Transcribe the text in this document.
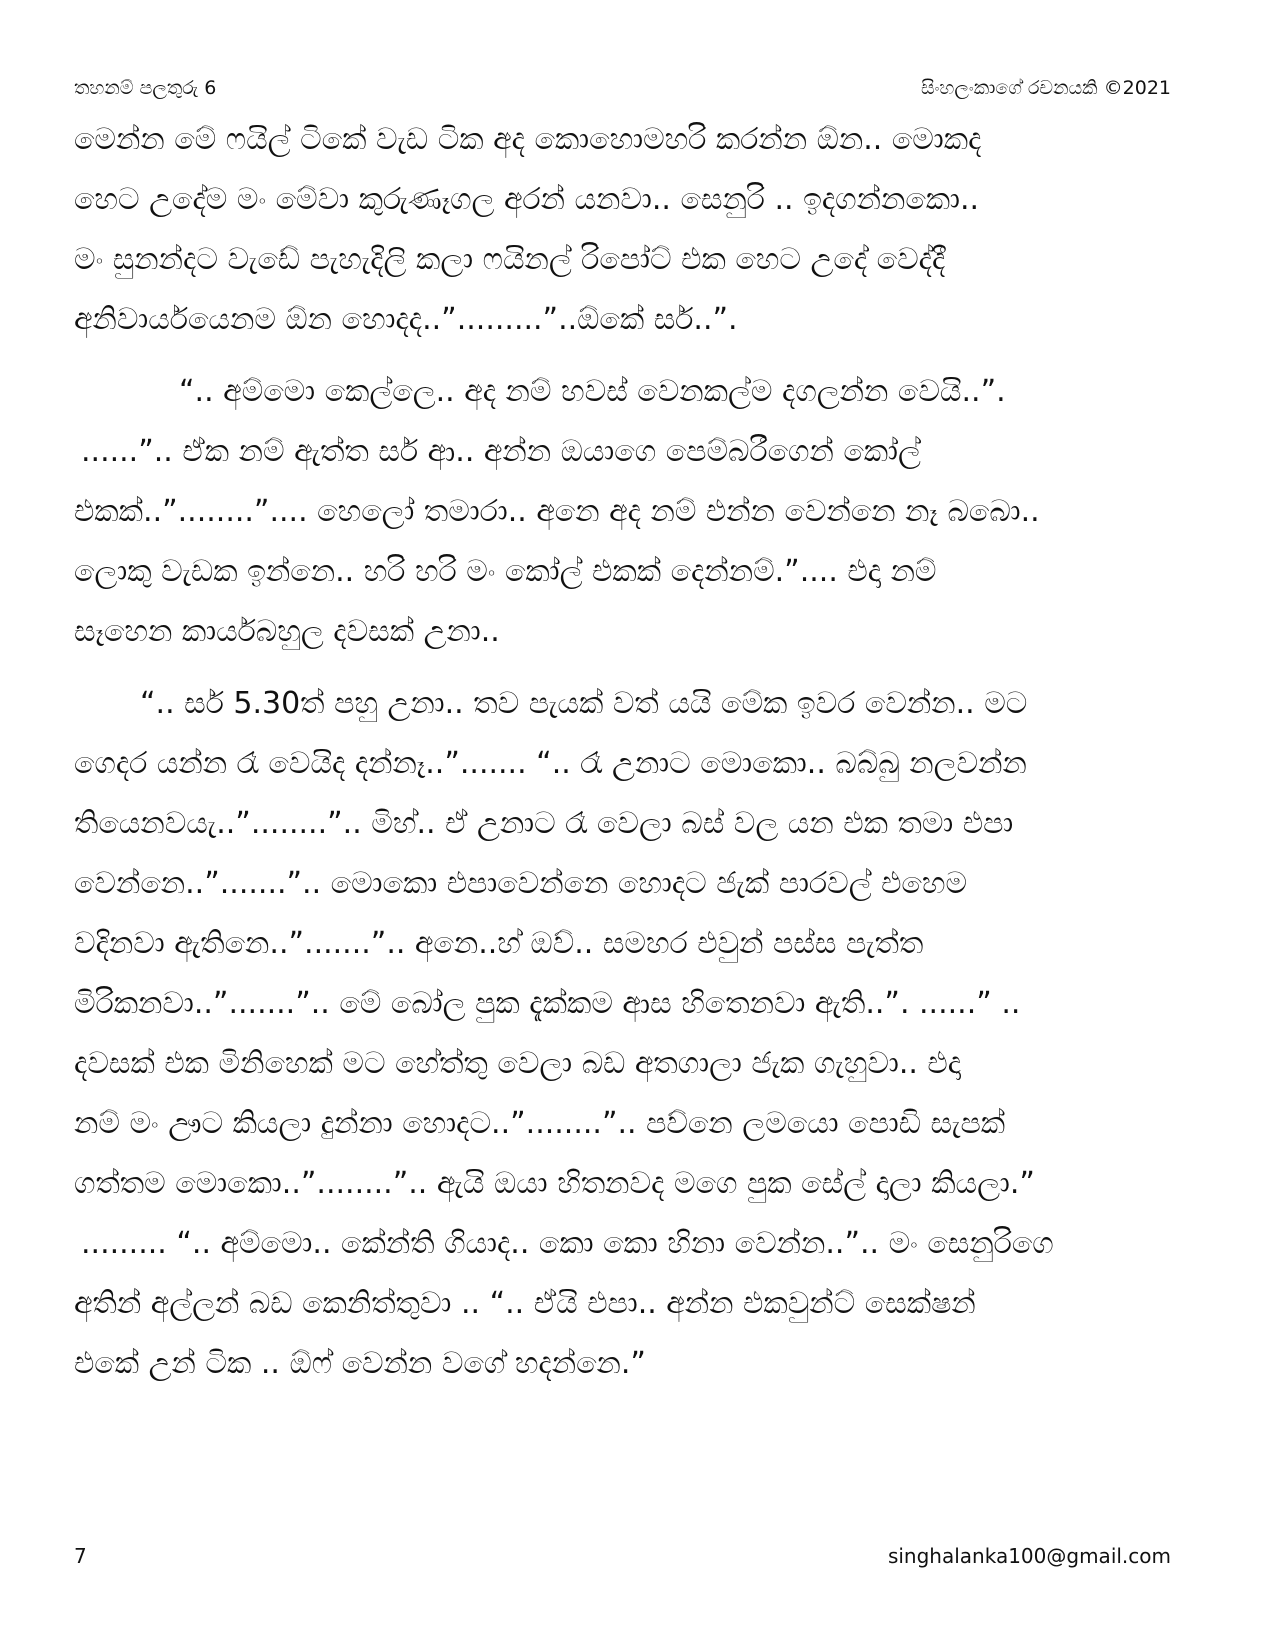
තහනම් පලතුරු 6	සිංහලංකාගේ රචනයකි ©2021
මෙන්න මේ ෆයිල් ටිකේ වැඩ ටික අද කොහොමහරි කරන්න ඕන.. මොකද
හෙට උදේම මං මේවා කුරුණෑගල අරන් යනවා.. සෙනුරි .. ඉදගන්නකො..
මං සුනන්දට වැඩේ පැහැදිලි කලා ෆයිනල් රිපෝට් එක හෙට උදේ වෙද්දී
අනිවාර්යයෙනම ඕන හොදද..”.........”..ඕකේ සර්..”.
“.. අම්මො කෙල්ලෙ.. අද නම් හවස් වෙනකල්ම දගලන්න වෙයි..”.
......”.. ඒක නම් ඇත්ත සර් ආ.. අන්න ඔයාගෙ පෙම්බරීගෙන් කෝල්
එකක්..”........”.... හෙලෝ තමාරා.. අනෙ අද නම් එන්න වෙන්නෙ නෑ බබො..
ලොකු වැඩක ඉන්නෙ.. හරි හරි මං කෝල් එකක් දෙන්නම්.”.... එදා නම්
සෑහෙන කාර්යබහුල දවසක් උනා..
“.. සර් 5.30ත් පහු උනා.. තව පැයක් වත් යයි මේක ඉවර වෙන්න.. මට
ගෙදර යන්න රෑ වෙයිද දන්නෑ..”....... “.. රෑ උනාට මොකො.. බබ්බු නලවන්න
තියෙනවයැ..”........”.. මිහ්.. ඒ උනාට රෑ වෙලා බස් වල යන එක තමා එපා
වෙන්නෙ..”.......”.. මොකො එපාවෙන්නෙ හොදට ජැක් පාරවල් එහෙම
වදිනවා ඇතිනෙ..”.......”.. අනෙ..හ් ඔව්.. සමහර එවුන් පස්ස පැත්ත
මිරිකනවා..”.......”.. මේ බෝල පුක දැක්කම ආස හිතෙනවා ඇති..”. ......” ..
දවසක් එක මිනිහෙක් මට හේත්තු වෙලා බඩ අතගාලා ජැක ගැහුවා.. එදා
නම් මං ඌට කියලා දුන්නා හොදට..”........”.. පව්නෙ ලමයො පොඩි සැපක්
ගත්තම මොකො..”........”.. ඇයි ඔයා හිතනවද මගෙ පුක සේල් දාලා කියලා.”
......... “.. අම්මො.. කේන්ති ගියාද.. කො කො හිනා වෙන්න..”.. මං සෙනුරිගෙ
අතින් අල්ලන් බඩ කෙනිත්තුවා .. “.. ඒයි එපා.. අන්න එකවුන්ට් සෙක්ෂන්
එකේ උන් ටික .. ඕෆ් වෙන්න වගේ හදන්නෙ.”
7	singhalanka100@gmail.com
